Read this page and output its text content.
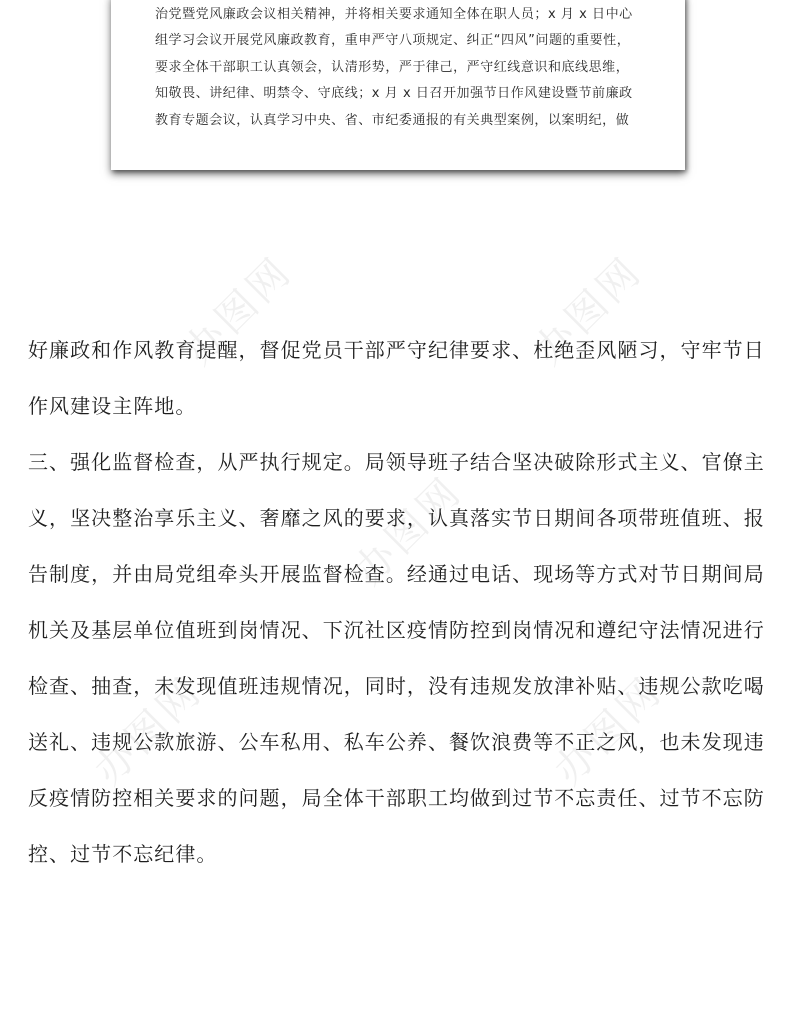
办图网	办图网
办图网
办图网	办图网
治党暨党风廉政会议相关精神，并将相关要求通知全体在职人员；x 月 x 日中心
组学习会议开展党风廉政教育，重申严守八项规定、纠正“四风”问题的重要性，
要求全体干部职工认真领会，认清形势，严于律己，严守红线意识和底线思维，
知敬畏、讲纪律、明禁令、守底线；x 月 x 日召开加强节日作风建设暨节前廉政
教育专题会议，认真学习中央、省、市纪委通报的有关典型案例，以案明纪，做
好廉政和作风教育提醒，督促党员干部严守纪律要求、杜绝歪风陋习，守牢节日
作风建设主阵地。
三、强化监督检查，从严执行规定。局领导班子结合坚决破除形式主义、官僚主
义，坚决整治享乐主义、奢靡之风的要求，认真落实节日期间各项带班值班、报
告制度，并由局党组牵头开展监督检查。经通过电话、现场等方式对节日期间局
机关及基层单位值班到岗情况、下沉社区疫情防控到岗情况和遵纪守法情况进行
检查、抽查，未发现值班违规情况，同时，没有违规发放津补贴、违规公款吃喝
送礼、违规公款旅游、公车私用、私车公养、餐饮浪费等不正之风，也未发现违
反疫情防控相关要求的问题，局全体干部职工均做到过节不忘责任、过节不忘防
控、过节不忘纪律。
